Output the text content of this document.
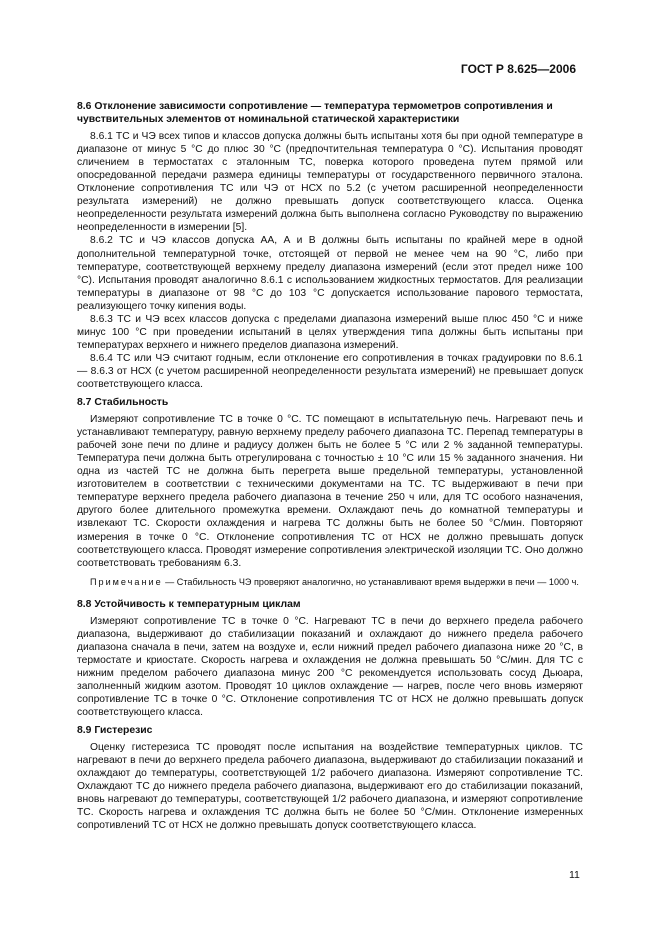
ГОСТ Р 8.625—2006
8.6 Отклонение зависимости сопротивление — температура термометров сопротивления и чувствительных элементов от номинальной статической характеристики

8.6.1 ТС и ЧЭ всех типов и классов допуска должны быть испытаны хотя бы при одной температуре в диапазоне от минус 5 °С до плюс 30 °С (предпочтительная температура 0 °С). Испытания проводят сличением в термостатах с эталонным ТС, поверка которого проведена путем прямой или опосредованной передачи размера единицы температуры от государственного первичного эталона. Отклонение сопротивления ТС или ЧЭ от НСХ по 5.2 (с учетом расширенной неопределенности результата измерений) не должно превышать допуск соответствующего класса. Оценка неопределенности результата измерений должна быть выполнена согласно Руководству по выражению неопределенности в измерении [5].

8.6.2 ТС и ЧЭ классов допуска АА, А и В должны быть испытаны по крайней мере в одной дополнительной температурной точке, отстоящей от первой не менее чем на 90 °С, либо при температуре, соответствующей верхнему пределу диапазона измерений (если этот предел ниже 100 °С). Испытания проводят аналогично 8.6.1 с использованием жидкостных термостатов. Для реализации температуры в диапазоне от 98 °С до 103 °С допускается использование парового термостата, реализующего точку кипения воды.

8.6.3 ТС и ЧЭ всех классов допуска с пределами диапазона измерений выше плюс 450 °С и ниже минус 100 °С при проведении испытаний в целях утверждения типа должны быть испытаны при температурах верхнего и нижнего пределов диапазона измерений.

8.6.4 ТС или ЧЭ считают годным, если отклонение его сопротивления в точках градуировки по 8.6.1 — 8.6.3 от НСХ (с учетом расширенной неопределенности результата измерений) не превышает допуск соответствующего класса.

8.7 Стабильность

Измеряют сопротивление ТС в точке 0 °С. ТС помещают в испытательную печь. Нагревают печь и устанавливают температуру, равную верхнему пределу рабочего диапазона ТС. Перепад температуры в рабочей зоне печи по длине и радиусу должен быть не более 5 °С или 2 % заданной температуры. Температура печи должна быть отрегулирована с точностью ± 10 °С или 15 % заданного значения. Ни одна из частей ТС не должна быть перегрета выше предельной температуры, установленной изготовителем в соответствии с техническими документами на ТС. ТС выдерживают в печи при температуре верхнего предела рабочего диапазона в течение 250 ч или, для ТС особого назначения, другого более длительного промежутка времени. Охлаждают печь до комнатной температуры и извлекают ТС. Скорости охлаждения и нагрева ТС должны быть не более 50 °С/мин. Повторяют измерения в точке 0 °С. Отклонение сопротивления ТС от НСХ не должно превышать допуск соответствующего класса. Проводят измерение сопротивления электрической изоляции ТС. Оно должно соответствовать требованиям 6.3.

Примечание — Стабильность ЧЭ проверяют аналогично, но устанавливают время выдержки в печи — 1000 ч.
8.8 Устойчивость к температурным циклам

Измеряют сопротивление ТС в точке 0 °С. Нагревают ТС в печи до верхнего предела рабочего диапазона, выдерживают до стабилизации показаний и охлаждают до нижнего предела рабочего диапазона сначала в печи, затем на воздухе и, если нижний предел рабочего диапазона ниже 20 °С, в термостате и криостате. Скорость нагрева и охлаждения не должна превышать 50 °С/мин. Для ТС с нижним пределом рабочего диапазона минус 200 °С рекомендуется использовать сосуд Дьюара, заполненный жидким азотом. Проводят 10 циклов охлаждение — нагрев, после чего вновь измеряют сопротивление ТС в точке 0 °С. Отклонение сопротивления ТС от НСХ не должно превышать допуск соответствующего класса.

8.9 Гистерезис

Оценку гистерезиса ТС проводят после испытания на воздействие температурных циклов. ТС нагревают в печи до верхнего предела рабочего диапазона, выдерживают до стабилизации показаний и охлаждают до температуры, соответствующей 1/2 рабочего диапазона. Измеряют сопротивление ТС. Охлаждают ТС до нижнего предела рабочего диапазона, выдерживают его до стабилизации показаний, вновь нагревают до температуры, соответствующей 1/2 рабочего диапазона, и измеряют сопротивление ТС. Скорость нагрева и охлаждения ТС должна быть не более 50 °С/мин. Отклонение измеренных сопротивлений ТС от НСХ не должно превышать допуск соответствующего класса.

11
